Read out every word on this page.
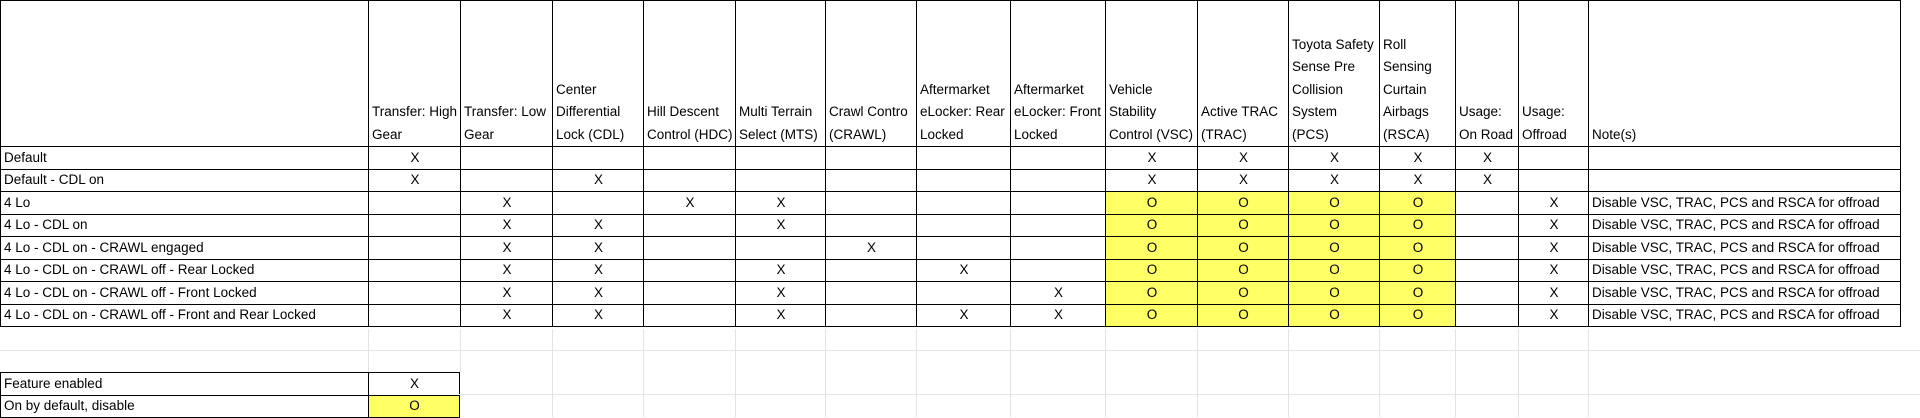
	Transfer: High Gear	Transfer: Low Gear	Center Differential Lock (CDL)	Hill Descent Control (HDC)	Multi Terrain Select (MTS)	Crawl Contro (CRAWL)	Aftermarket eLocker: Rear Locked	Aftermarket eLocker: Front Locked	Vehicle Stability Control (VSC)	Active TRAC (TRAC)	Toyota Safety Sense Pre Collision System (PCS)	Roll Sensing Curtain Airbags (RSCA)	Usage: On Road	Usage: Offroad	Note(s)
Default	X								X	X	X	X	X		
Default - CDL on	X		X						X	X	X	X	X		
4 Lo		X		X	X				O	O	O	O		X	Disable VSC, TRAC, PCS and RSCA for offroad
4 Lo - CDL on		X	X		X				O	O	O	O		X	Disable VSC, TRAC, PCS and RSCA for offroad
4 Lo - CDL on - CRAWL engaged		X	X			X			O	O	O	O		X	Disable VSC, TRAC, PCS and RSCA for offroad
4 Lo - CDL on - CRAWL off - Rear Locked		X	X		X		X		O	O	O	O		X	Disable VSC, TRAC, PCS and RSCA for offroad
4 Lo - CDL on - CRAWL off - Front Locked		X	X		X			X	O	O	O	O		X	Disable VSC, TRAC, PCS and RSCA for offroad
4 Lo - CDL on - CRAWL off - Front and Rear Locked		X	X		X		X	X	O	O	O	O		X	Disable VSC, TRAC, PCS and RSCA for offroad
Feature enabled	X
On by default, disable	O
